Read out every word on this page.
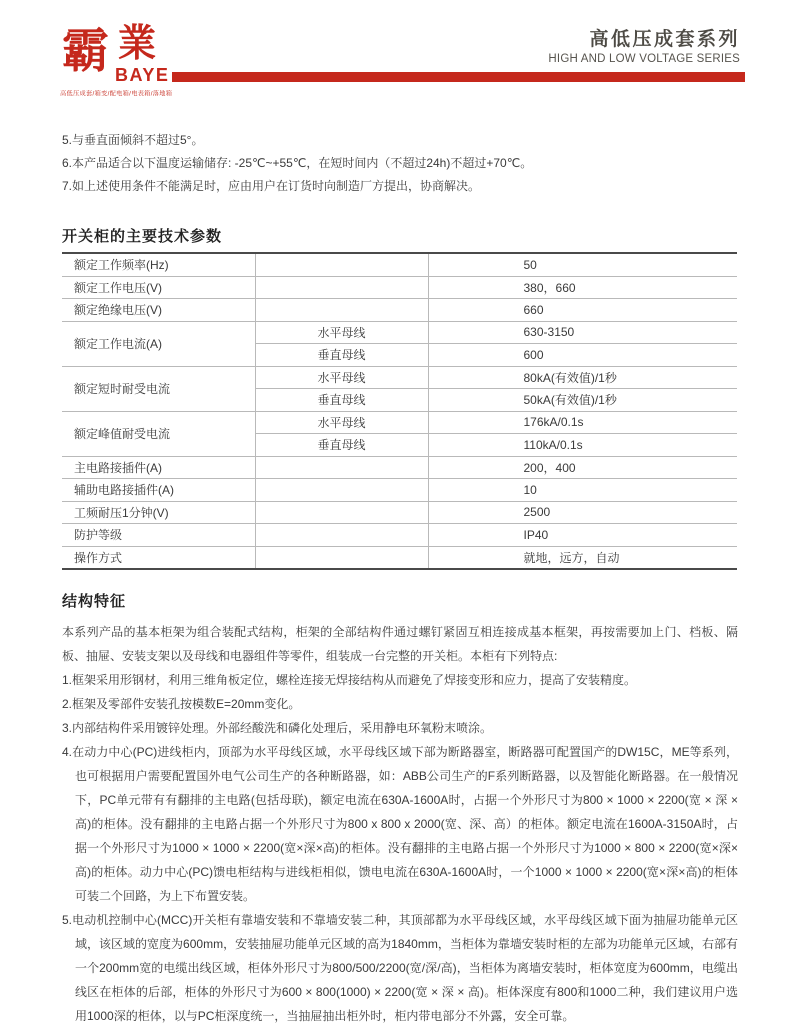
霸 業
BAYE
高低压成套/箱变/配电箱/电表箱/落地箱
高低压成套系列
HIGH AND LOW VOLTAGE SERIES

5.与垂直面倾斜不超过5°。

6.本产品适合以下温度运输储存: -25℃~+55℃，在短时间内（不超过24h)不超过+70℃。

7.如上述使用条件不能满足时，应由用户在订货时向制造厂方提出，协商解决。

开关柜的主要技术参数
额定工作频率(Hz)		50
额定工作电压(V)		380，660
额定绝缘电压(V)		660
额定工作电流(A)	水平母线	630-3150
	垂直母线	600
额定短时耐受电流	水平母线	80kA(有效值)/1秒
	垂直母线	50kA(有效值)/1秒
额定峰值耐受电流	水平母线	176kA/0.1s
	垂直母线	110kA/0.1s
主电路接插件(A)		200，400
辅助电路接插件(A)		10
工频耐压1分钟(V)		2500
防护等级		IP40
操作方式		就地，远方，自动
结构特征

本系列产品的基本柜架为组合装配式结构，柜架的全部结构件通过螺钉紧固互相连接成基本框架，再按需要加上门、档板、隔板、抽屉、安装支架以及母线和电器组件等零件，组装成一台完整的开关柜。本柜有下列特点:

1.框架采用形钢材，利用三维角板定位，螺栓连接无焊接结构从而避免了焊接变形和应力，提高了安装精度。

2.框架及零部件安装孔按模数E=20mm变化。

3.内部结构件采用镀锌处理。外部经酸洗和磷化处理后，采用静电环氧粉末喷涂。

4.在动力中心(PC)进线柜内，顶部为水平母线区域，水平母线区域下部为断路器室，断路器可配置国产的DW15C，ME等系列，也可根据用户需要配置国外电气公司生产的各种断路器，如：ABB公司生产的F系列断路器，以及智能化断路器。在一般情况下，PC单元带有有翻排的主电路(包括母联)，额定电流在630A-1600A时，占据一个外形尺寸为800 × 1000 × 2200(宽 × 深 × 高)的柜体。没有翻排的主电路占据一个外形尺寸为800 x 800 x 2000(宽、深、高）的柜体。额定电流在1600A-3150A时，占据一个外形尺寸为1000 × 1000 × 2200(宽×深×高)的柜体。没有翻排的主电路占据一个外形尺寸为1000 × 800 × 2200(宽×深×高)的柜体。动力中心(PC)馈电柜结构与进线柜相似，馈电电流在630A-1600A时，一个1000 × 1000 × 2200(宽×深×高)的柜体可装二个回路，为上下布置安装。

5.电动机控制中心(MCC)开关柜有靠墙安装和不靠墙安装二种，其顶部都为水平母线区域，水平母线区域下面为抽屉功能单元区域，该区域的宽度为600mm，安装抽屉功能单元区域的高为1840mm，当柜体为靠墙安装时柜的左部为功能单元区域，右部有一个200mm宽的电缆出线区域，柜体外形尺寸为800/500/2200(宽/深/高)，当柜体为离墙安装时，柜体宽度为600mm，电缆出线区在柜体的后部，柜体的外形尺寸为600 × 800(1000) × 2200(宽 × 深 × 高)。柜体深度有800和1000二种，我们建议用户选用1000深的柜体，以与PC柜深度统一，当抽屉抽出柜外时，柜内带电部分不外露，安全可靠。
